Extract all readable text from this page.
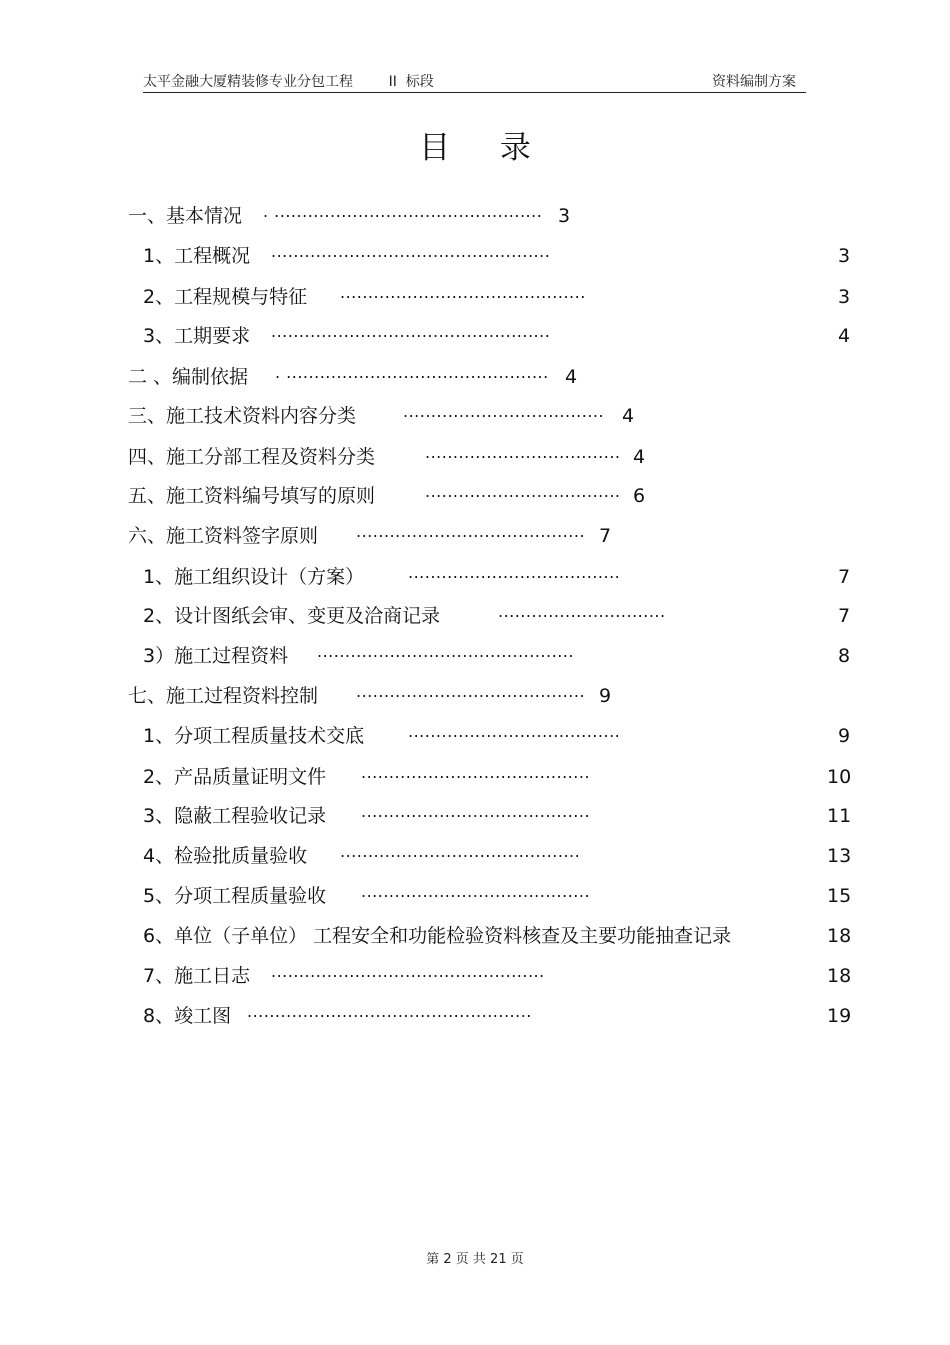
太平金融大厦精装修专业分包工程        II  标段	资料编制方案
目 录
一、基本情况 . ................................................ 3
1、工程概况 ..................................................	3
2、工程规模与特征 ............................................	3
3、工期要求 ..................................................	4
二 、编制依据 . ............................................... 4
三、施工技术资料内容分类	.................................... 4
四、施工分部工程及资料分类	................................... 4
五、施工资料编号填写的原则	................................... 6
六、施工资料签字原则 ......................................... 7
1、施工组织设计（方案）	......................................	7
2、设计图纸会审、变更及洽商记录	..............................	7
3）施工过程资料 ..............................................	8
七、施工过程资料控制 ......................................... 9
1、分项工程质量技术交底	......................................	9
2、产品质量证明文件 .........................................	10
3、隐蔽工程验收记录 .........................................	11
4、检验批质量验收 ...........................................	13
5、分项工程质量验收 .........................................	15
6、单位（子单位） 工程安全和功能检验资料核查及主要功能抽查记录	18
7、施工日志 .................................................	18
8、竣工图 ...................................................	19
第 2 页 共 21 页
